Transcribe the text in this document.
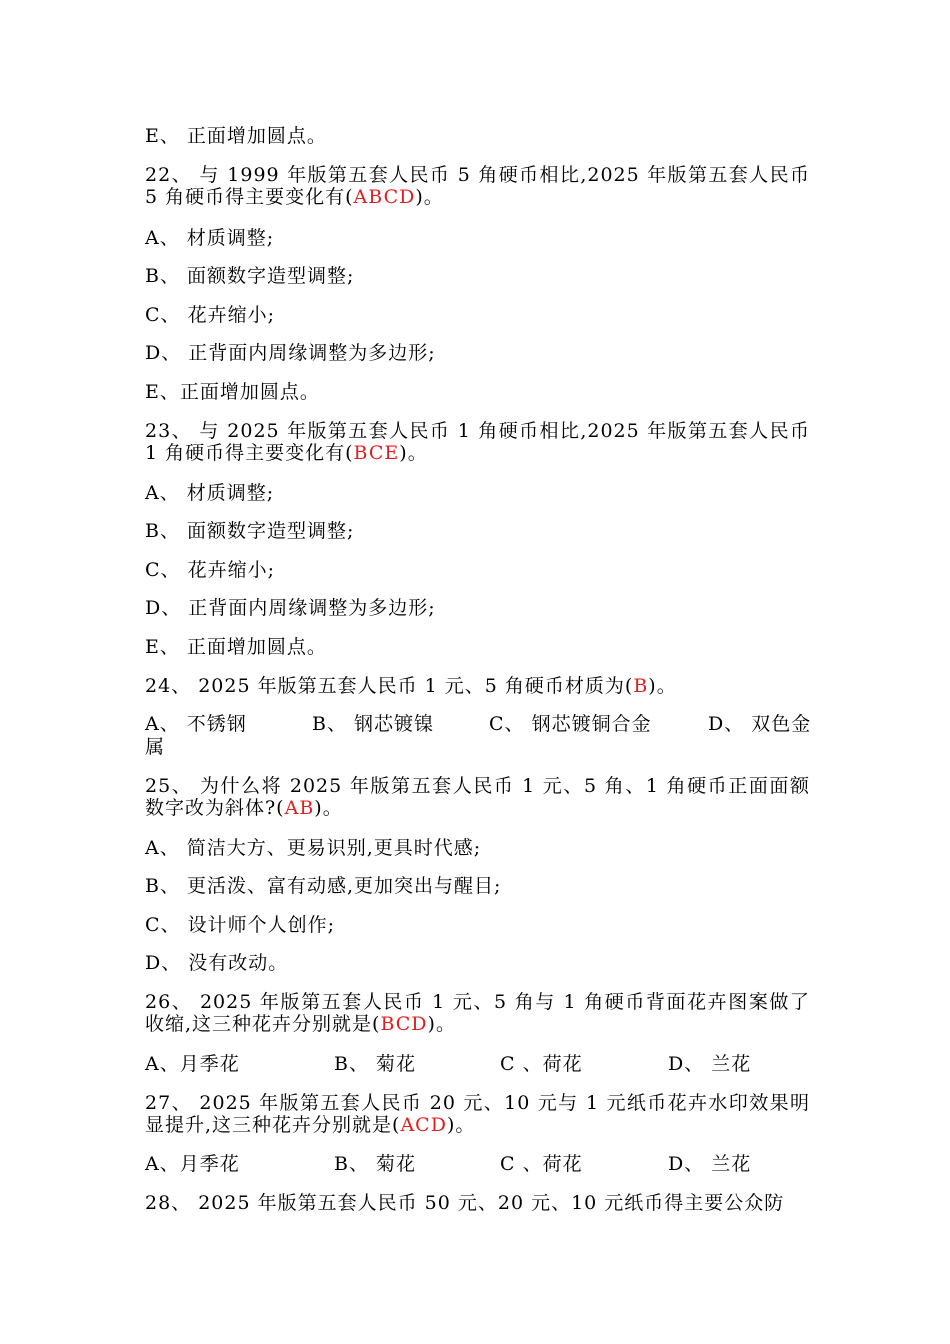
E、 正面增加圆点。
22、 与 1999 年版第五套人民币 5 角硬币相比,2025 年版第五套人民币 5 角硬币得主要变化有(ABCD)。
A、 材质调整;
B、 面额数字造型调整;
C、 花卉缩小;
D、 正背面内周缘调整为多边形;
E、正面增加圆点。
23、 与 2025 年版第五套人民币 1 角硬币相比,2025 年版第五套人民币 1 角硬币得主要变化有(BCE)。
A、 材质调整;
B、 面额数字造型调整;
C、 花卉缩小;
D、 正背面内周缘调整为多边形;
E、 正面增加圆点。
24、 2025 年版第五套人民币 1 元、5 角硬币材质为(B)。
A、 不锈钢	B、 钢芯镀镍	C、 钢芯镀铜合金	D、 双色金
属
25、 为什么将 2025 年版第五套人民币 1 元、5 角、1 角硬币正面面额数字改为斜体?(AB)。
A、 简洁大方、更易识别,更具时代感;
B、 更活泼、富有动感,更加突出与醒目;
C、 设计师个人创作;
D、 没有改动。
26、 2025 年版第五套人民币 1 元、5 角与 1 角硬币背面花卉图案做了收缩,这三种花卉分别就是(BCD)。
A、月季花	B、 菊花	C 、荷花	D、 兰花
27、 2025 年版第五套人民币 20 元、10 元与 1 元纸币花卉水印效果明显提升,这三种花卉分别就是(ACD)。
A、月季花	B、 菊花	C 、荷花	D、 兰花
28、 2025 年版第五套人民币 50 元、20 元、10 元纸币得主要公众防
